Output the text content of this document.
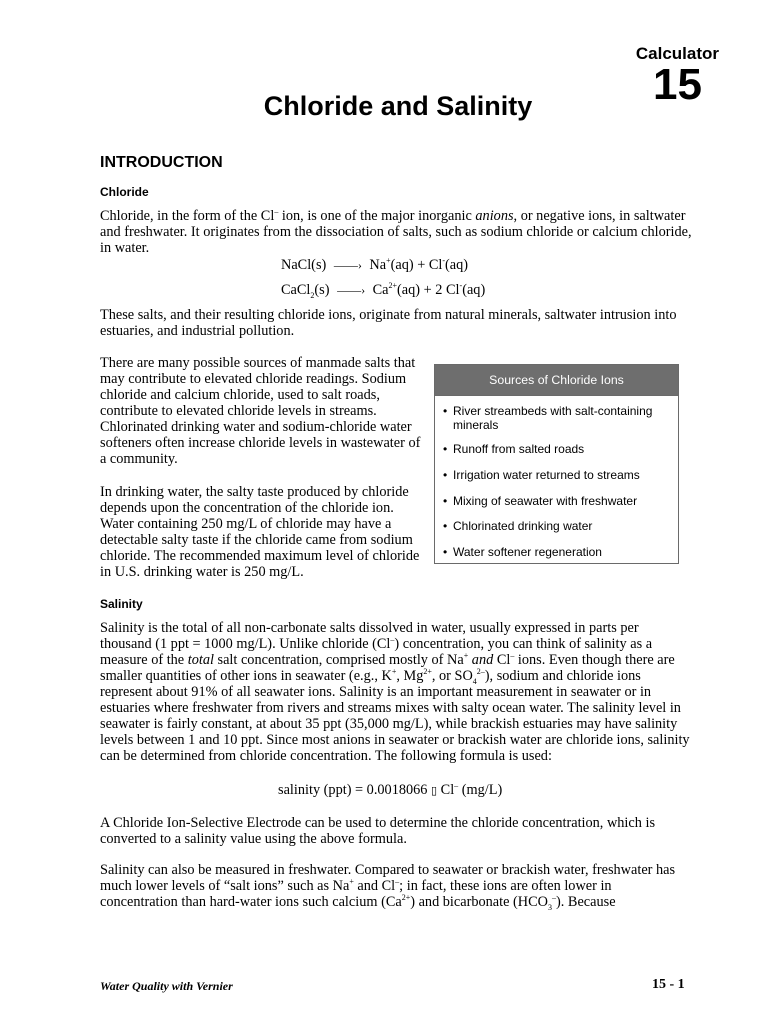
Calculator
15
Chloride and Salinity
INTRODUCTION
Chloride
Chloride, in the form of the Cl– ion, is one of the major inorganic anions, or negative ions, in saltwater and freshwater. It originates from the dissociation of salts, such as sodium chloride or calcium chloride, in water.
NaCl(s) ——› Na+(aq) + Cl-(aq)
CaCl$_2$(s) ——› $Ca^{2+}(aq) + 2$ Cl-(aq)
These salts, and their resulting chloride ions, originate from natural minerals, saltwater intrusion into estuaries, and industrial pollution.
There are many possible sources of manmade salts that may contribute to elevated chloride readings. Sodium chloride and calcium chloride, used to salt roads, contribute to elevated chloride levels in streams. Chlorinated drinking water and sodium-chloride water softeners often increase chloride levels in wastewater of a community.
In drinking water, the salty taste produced by chloride depends upon the concentration of the chloride ion. Water containing 250 mg/L of chloride may have a detectable salty taste if the chloride came from sodium chloride. The recommended maximum level of chloride in U.S. drinking water is 250 mg/L.
Sources of Chloride Ions
• River streambeds with salt-containing minerals
• Runoff from salted roads
• Irrigation water returned to streams
• Mixing of seawater with freshwater
• Chlorinated drinking water
• Water softener regeneration
Salinity
Salinity is the total of all non-carbonate salts dissolved in water, usually expressed in parts per thousand (1 ppt = 1000 mg/L). Unlike chloride (Cl–) concentration, you can think of salinity as a measure of the total salt concentration, comprised mostly of Na+ and Cl– ions. Even though there are smaller quantities of other ions in seawater (e.g., K+, $Mg^{2+}$, or $SO_4^{2-}$), sodium and chloride ions represent about 91% of all seawater ions. Salinity is an important measurement in seawater or in estuaries where freshwater from rivers and streams mixes with salty ocean water. The salinity level in seawater is fairly constant, at about 35 ppt (35,000 mg/L), while brackish estuaries may have salinity levels between 1 and 10 ppt. Since most anions in seawater or brackish water are chloride ions, salinity can be determined from chloride concentration. The following formula is used:
salinity (ppt) = 0.0018066 ▯ Cl– (mg/L)
A Chloride Ion-Selective Electrode can be used to determine the chloride concentration, which is converted to a salinity value using the above formula.
Salinity can also be measured in freshwater. Compared to seawater or brackish water, freshwater has much lower levels of “salt ions” such as Na+ and Cl–; in fact, these ions are often lower in concentration than hard-water ions such calcium $(Ca^{2+})$ and bicarbonate $(HCO_3^-)$. Because
Water Quality with Vernier	15 - 1
